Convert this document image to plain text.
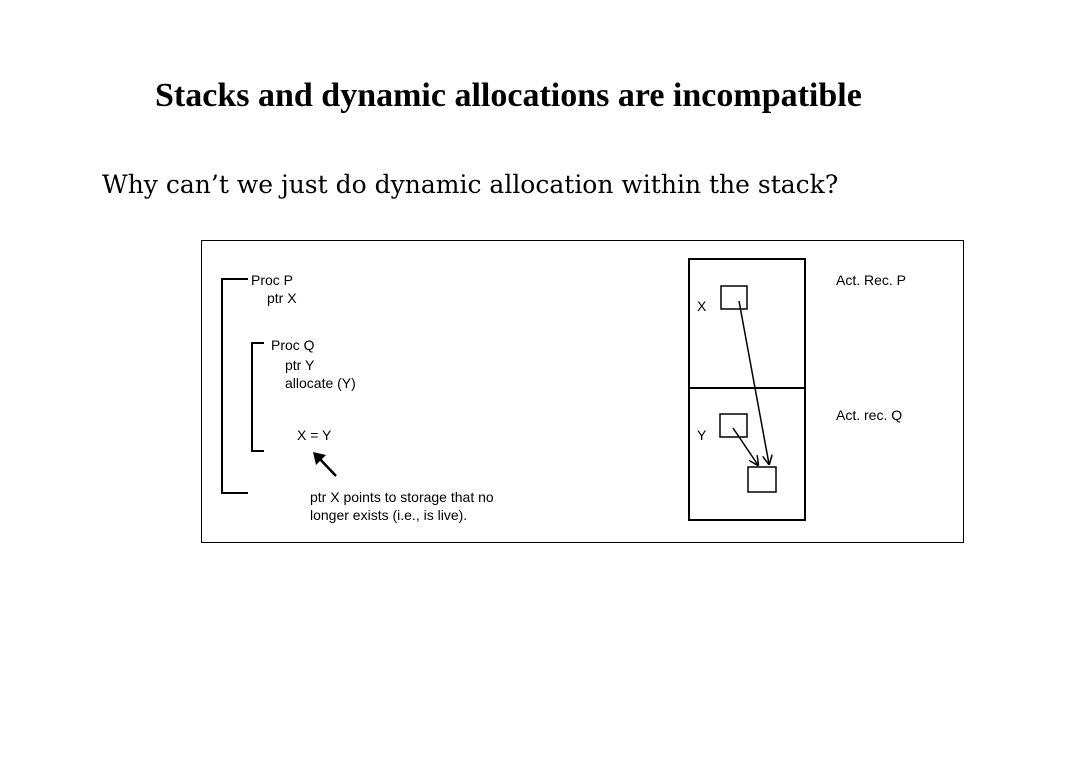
Stacks and dynamic allocations are incompatible

Why can’t we just do dynamic allocation within the stack?

Proc P
ptr X
Proc Q
ptr Y
allocate (Y)
X = Y
ptr X points to storage that no
longer exists (i.e., is live).
X
Y
Act. Rec. P
Act. rec. Q
